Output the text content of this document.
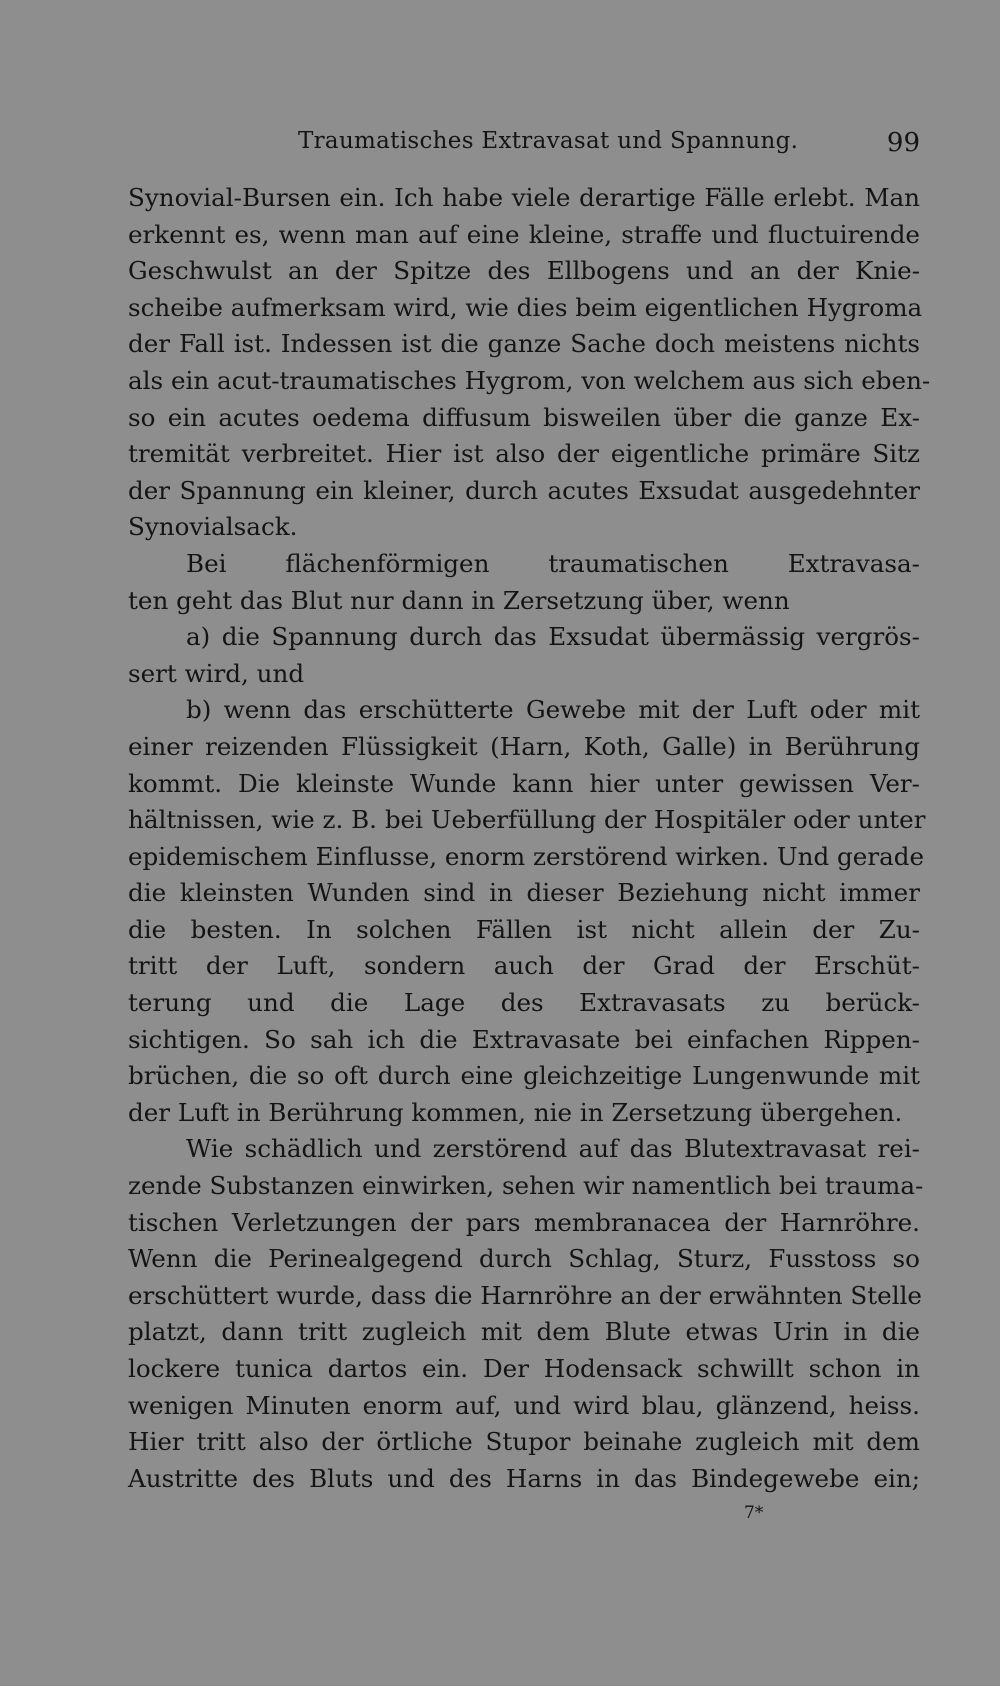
Traumatisches Extravasat und Spannung.	99
Synovial-Bursen ein. Ich habe viele derartige Fälle erlebt. Man
erkennt es, wenn man auf eine kleine, straffe und fluctuirende
Geschwulst an der Spitze des Ellbogens und an der Knie-
scheibe aufmerksam wird, wie dies beim eigentlichen Hygroma
der Fall ist. Indessen ist die ganze Sache doch meistens nichts
als ein acut-traumatisches Hygrom, von welchem aus sich eben-
so ein acutes oedema diffusum bisweilen über die ganze Ex-
tremität verbreitet. Hier ist also der eigentliche primäre Sitz
der Spannung ein kleiner, durch acutes Exsudat ausgedehnter
Synovialsack.
Bei flächenförmigen traumatischen Extravasa-
ten geht das Blut nur dann in Zersetzung über, wenn
a) die Spannung durch das Exsudat übermässig vergrös-
sert wird, und
b) wenn das erschütterte Gewebe mit der Luft oder mit
einer reizenden Flüssigkeit (Harn, Koth, Galle) in Berührung
kommt. Die kleinste Wunde kann hier unter gewissen Ver-
hältnissen, wie z. B. bei Ueberfüllung der Hospitäler oder unter
epidemischem Einflusse, enorm zerstörend wirken. Und gerade
die kleinsten Wunden sind in dieser Beziehung nicht immer
die besten. In solchen Fällen ist nicht allein der Zu-
tritt der Luft, sondern auch der Grad der Erschüt-
terung und die Lage des Extravasats zu berück-
sichtigen. So sah ich die Extravasate bei einfachen Rippen-
brüchen, die so oft durch eine gleichzeitige Lungenwunde mit
der Luft in Berührung kommen, nie in Zersetzung übergehen.
Wie schädlich und zerstörend auf das Blutextravasat rei-
zende Substanzen einwirken, sehen wir namentlich bei trauma-
tischen Verletzungen der pars membranacea der Harnröhre.
Wenn die Perinealgegend durch Schlag, Sturz, Fusstoss so
erschüttert wurde, dass die Harnröhre an der erwähnten Stelle
platzt, dann tritt zugleich mit dem Blute etwas Urin in die
lockere tunica dartos ein. Der Hodensack schwillt schon in
wenigen Minuten enorm auf, und wird blau, glänzend, heiss.
Hier tritt also der örtliche Stupor beinahe zugleich mit dem
Austritte des Bluts und des Harns in das Bindegewebe ein;
7*
